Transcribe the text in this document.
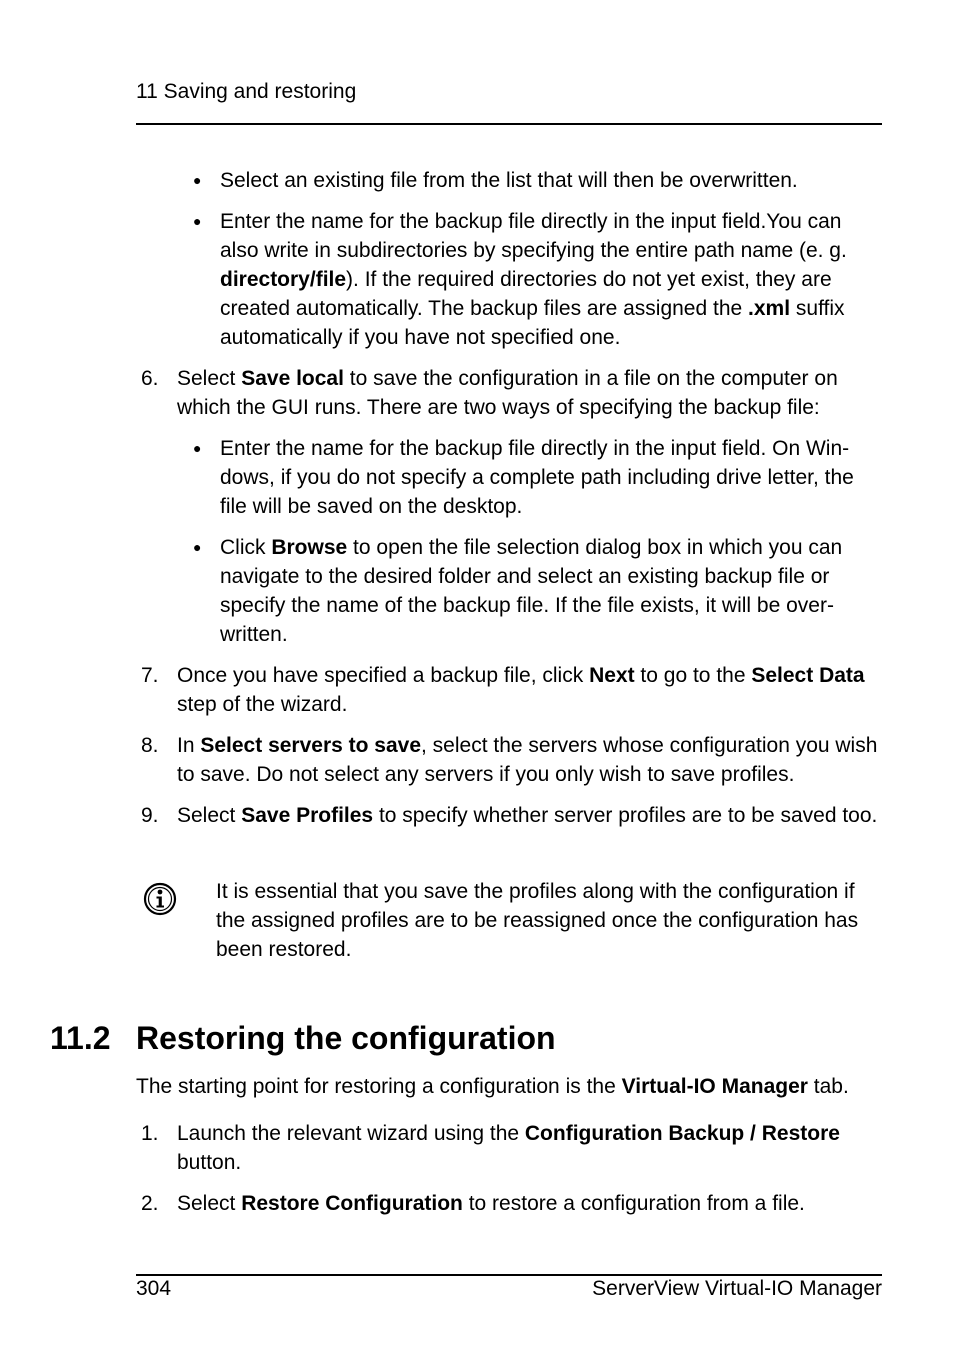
11 Saving and restoring
● Select an existing file from the list that will then be overwritten.
● Enter the name for the backup file directly in the input field.You can also write in subdirectories by specifying the entire path name (e. g. directory/file). If the required directories do not yet exist, they are created automatically. The backup files are assigned the .xml suffix automatically if you have not specified one.
6. Select Save local to save the configuration in a file on the computer on which the GUI runs. There are two ways of specifying the backup file:
● Enter the name for the backup file directly in the input field. On Windows, if you do not specify a complete path including drive letter, the file will be saved on the desktop.
● Click Browse to open the file selection dialog box in which you can navigate to the desired folder and select an existing backup file or specify the name of the backup file. If the file exists, it will be overwritten.
7. Once you have specified a backup file, click Next to go to the Select Data step of the wizard.
8. In Select servers to save, select the servers whose configuration you wish to save. Do not select any servers if you only wish to save profiles.
9. Select Save Profiles to specify whether server profiles are to be saved too.
It is essential that you save the profiles along with the configuration if the assigned profiles are to be reassigned once the configuration has been restored.
11.2 Restoring the configuration
The starting point for restoring a configuration is the Virtual-IO Manager tab.
1. Launch the relevant wizard using the Configuration Backup / Restore button.
2. Select Restore Configuration to restore a configuration from a file.
304	ServerView Virtual-IO Manager
